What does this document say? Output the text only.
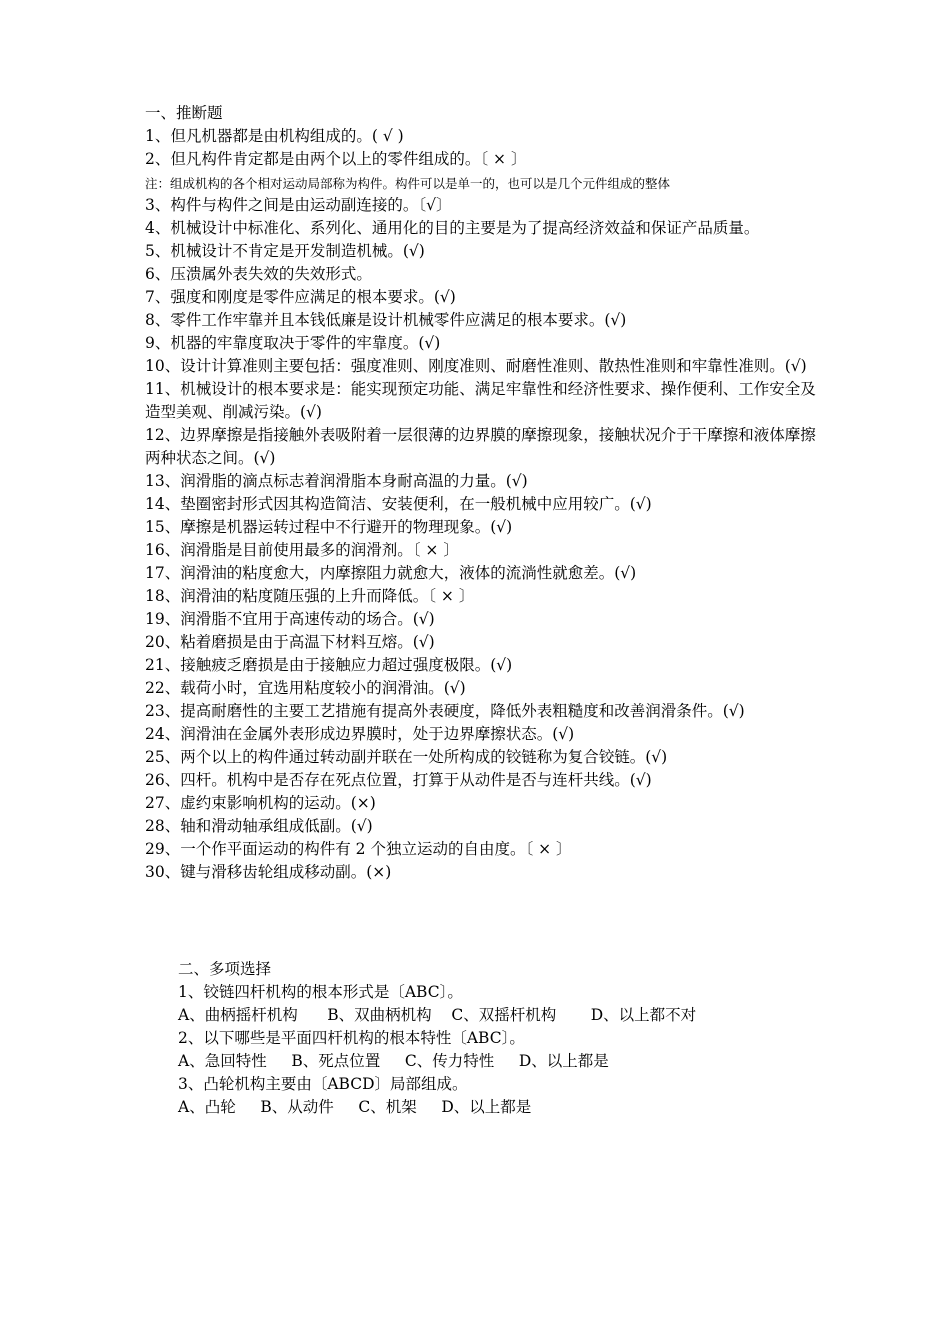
一、推断题

1、但凡机器都是由机构组成的。( √ )

2、但凡构件肯定都是由两个以上的零件组成的。〔 × 〕

注：组成机构的各个相对运动局部称为构件。构件可以是单一的，也可以是几个元件组成的整体

3、构件与构件之间是由运动副连接的。〔√〕

4、机械设计中标准化、系列化、通用化的目的主要是为了提高经济效益和保证产品质量。

5、机械设计不肯定是开发制造机械。(√)

6、压溃属外表失效的失效形式。

7、强度和刚度是零件应满足的根本要求。(√)

8、零件工作牢靠并且本钱低廉是设计机械零件应满足的根本要求。(√)

9、机器的牢靠度取决于零件的牢靠度。(√)

10、设计计算准则主要包括：强度准则、刚度准则、耐磨性准则、散热性准则和牢靠性准则。(√)

11、机械设计的根本要求是：能实现预定功能、满足牢靠性和经济性要求、操作便利、工作安全及造型美观、削减污染。(√)

12、边界摩擦是指接触外表吸附着一层很薄的边界膜的摩擦现象，接触状况介于干摩擦和液体摩擦两种状态之间。(√)

13、润滑脂的滴点标志着润滑脂本身耐高温的力量。(√)

14、垫圈密封形式因其构造简洁、安装便利，在一般机械中应用较广。(√)

15、摩擦是机器运转过程中不行避开的物理现象。(√)

16、润滑脂是目前使用最多的润滑剂。〔 × 〕

17、润滑油的粘度愈大，内摩擦阻力就愈大，液体的流淌性就愈差。(√)

18、润滑油的粘度随压强的上升而降低。〔 × 〕

19、润滑脂不宜用于高速传动的场合。(√)

20、粘着磨损是由于高温下材料互熔。(√)

21、接触疲乏磨损是由于接触应力超过强度极限。(√)

22、载荷小时，宜选用粘度较小的润滑油。(√)

23、提高耐磨性的主要工艺措施有提高外表硬度，降低外表粗糙度和改善润滑条件。(√)

24、润滑油在金属外表形成边界膜时，处于边界摩擦状态。(√)

25、两个以上的构件通过转动副并联在一处所构成的铰链称为复合铰链。(√)

26、四杆。机构中是否存在死点位置，打算于从动件是否与连杆共线。(√)

27、虚约束影响机构的运动。(×)

28、轴和滑动轴承组成低副。(√)

29、一个作平面运动的构件有 2 个独立运动的自由度。〔 × 〕

30、键与滑移齿轮组成移动副。(×)

二、多项选择

1、铰链四杆机构的根本形式是〔ABC〕。

A、曲柄摇杆机构      B、双曲柄机构    C、双摇杆机构       D、以上都不对

2、以下哪些是平面四杆机构的根本特性〔ABC〕。

A、急回特性     B、死点位置     C、传力特性     D、以上都是

3、凸轮机构主要由〔ABCD〕局部组成。

A、凸轮     B、从动件     C、机架     D、以上都是
